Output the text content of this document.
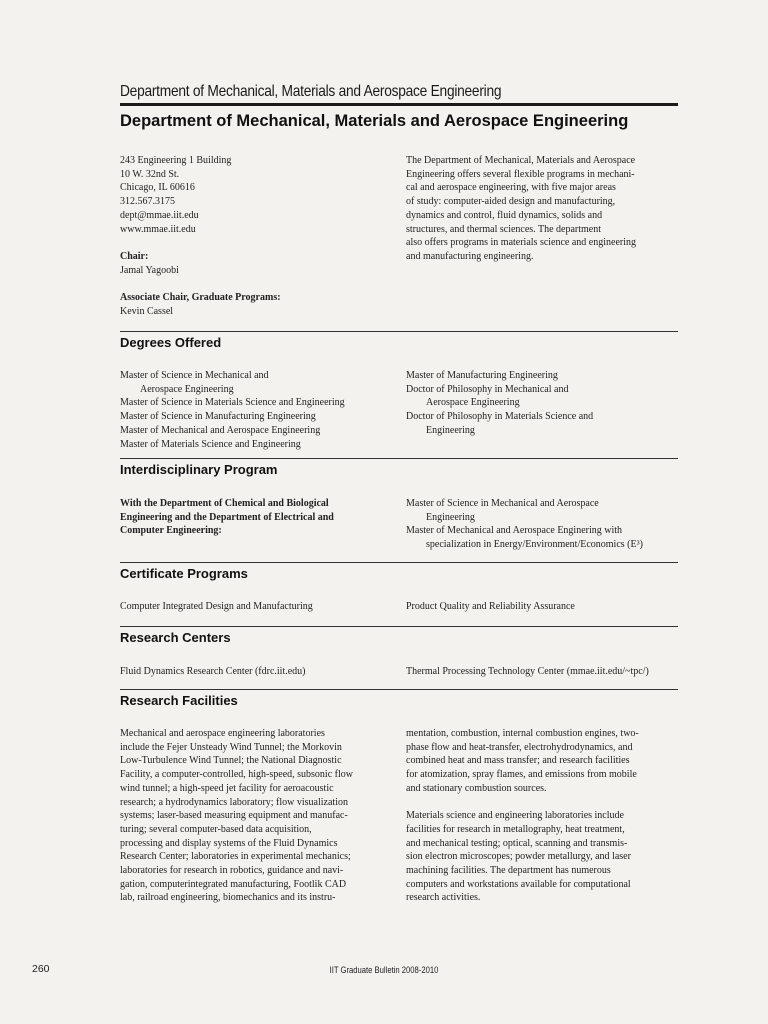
Department of Mechanical, Materials and Aerospace Engineering
Department of Mechanical, Materials and Aerospace Engineering
243 Engineering 1 Building
10 W. 32nd St.
Chicago, IL 60616
312.567.3175
dept@mmae.iit.edu
www.mmae.iit.edu
Chair:
Jamal Yagoobi
Associate Chair, Graduate Programs:
Kevin Cassel
The Department of Mechanical, Materials and Aerospace
Engineering offers several flexible programs in mechani-
cal and aerospace engineering, with five major areas
of study: computer-aided design and manufacturing,
dynamics and control, fluid dynamics, solids and
structures, and thermal sciences. The department
also offers programs in materials science and engineering
and manufacturing engineering.
Degrees Offered
Master of Science in Mechanical and
Aerospace Engineering
Master of Science in Materials Science and Engineering
Master of Science in Manufacturing Engineering
Master of Mechanical and Aerospace Engineering
Master of Materials Science and Engineering
Master of Manufacturing Engineering
Doctor of Philosophy in Mechanical and
Aerospace Engineering
Doctor of Philosophy in Materials Science and
Engineering
Interdisciplinary Program
With the Department of Chemical and Biological
Engineering and the Department of Electrical and
Computer Engineering:
Master of Science in Mechanical and Aerospace
Engineering
Master of Mechanical and Aerospace Enginering with
specialization in Energy/Environment/Economics (E³)
Certificate Programs
Computer Integrated Design and Manufacturing	Product Quality and Reliability Assurance
Research Centers
Fluid Dynamics Research Center (fdrc.iit.edu)	Thermal Processing Technology Center (mmae.iit.edu/~tpc/)
Research Facilities
Mechanical and aerospace engineering laboratories
include the Fejer Unsteady Wind Tunnel; the Morkovin
Low-Turbulence Wind Tunnel; the National Diagnostic
Facility, a computer-controlled, high-speed, subsonic flow
wind tunnel; a high-speed jet facility for aeroacoustic
research; a hydrodynamics laboratory; flow visualization
systems; laser-based measuring equipment and manufac-
turing; several computer-based data acquisition,
processing and display systems of the Fluid Dynamics
Research Center; laboratories in experimental mechanics;
laboratories for research in robotics, guidance and navi-
gation, computerintegrated manufacturing, Footlik CAD
lab, railroad engineering, biomechanics and its instru-
mentation, combustion, internal combustion engines, two-
phase flow and heat-transfer, electrohydrodynamics, and
combined heat and mass transfer; and research facilities
for atomization, spray flames, and emissions from mobile
and stationary combustion sources.
Materials science and engineering laboratories include
facilities for research in metallography, heat treatment,
and mechanical testing; optical, scanning and transmis-
sion electron microscopes; powder metallurgy, and laser
machining facilities. The department has numerous
computers and workstations available for computational
research activities.
260	IIT Graduate Bulletin 2008-2010
